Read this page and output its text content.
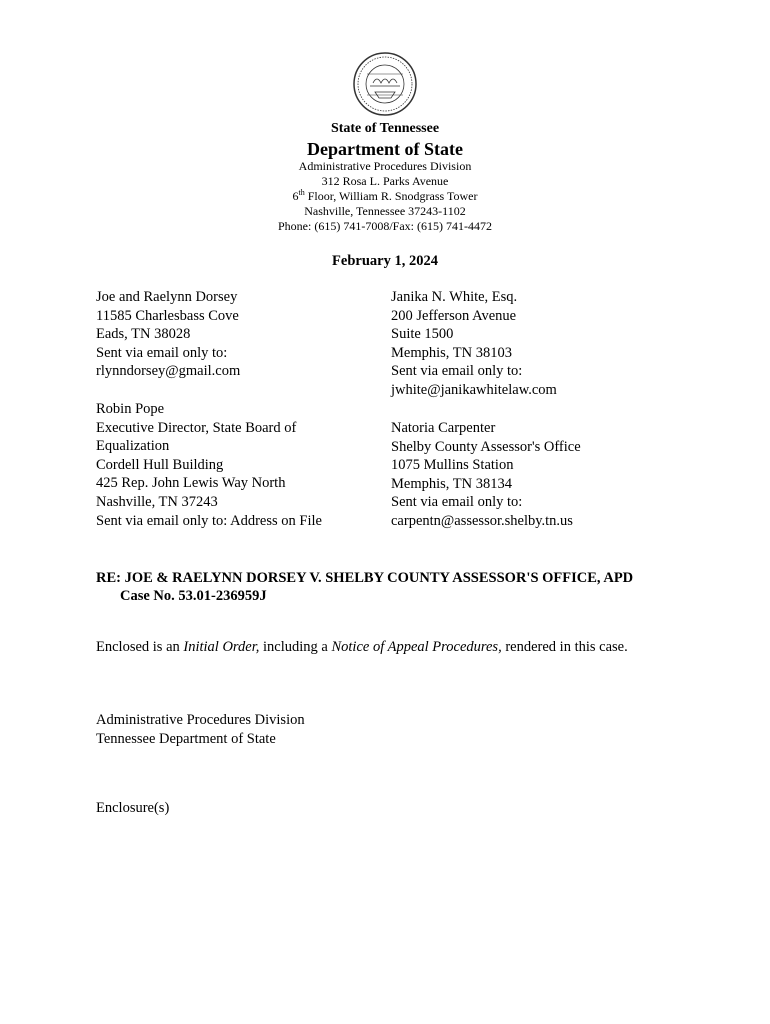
State of Tennessee
Department of State
Administrative Procedures Division
312 Rosa L. Parks Avenue
6th Floor, William R. Snodgrass Tower
Nashville, Tennessee 37243-1102
Phone: (615) 741-7008/Fax: (615) 741-4472
February 1, 2024
Joe and Raelynn Dorsey
11585 Charlesbass Cove
Eads, TN 38028
Sent via email only to:
rlynndorsey@gmail.com
Robin Pope
Executive Director, State Board of
Equalization
Cordell Hull Building
425 Rep. John Lewis Way North
Nashville, TN 37243
Sent via email only to: Address on File
Janika N. White, Esq.
200 Jefferson Avenue
Suite 1500
Memphis, TN 38103
Sent via email only to:
jwhite@janikawhitelaw.com
Natoria Carpenter
Shelby County Assessor's Office
1075 Mullins Station
Memphis, TN 38134
Sent via email only to:
carpentn@assessor.shelby.tn.us
RE: JOE & RAELYNN DORSEY V. SHELBY COUNTY ASSESSOR'S OFFICE, APD
Case No. 53.01-236959J
Enclosed is an Initial Order, including a Notice of Appeal Procedures, rendered in this case.
Administrative Procedures Division
Tennessee Department of State
Enclosure(s)
